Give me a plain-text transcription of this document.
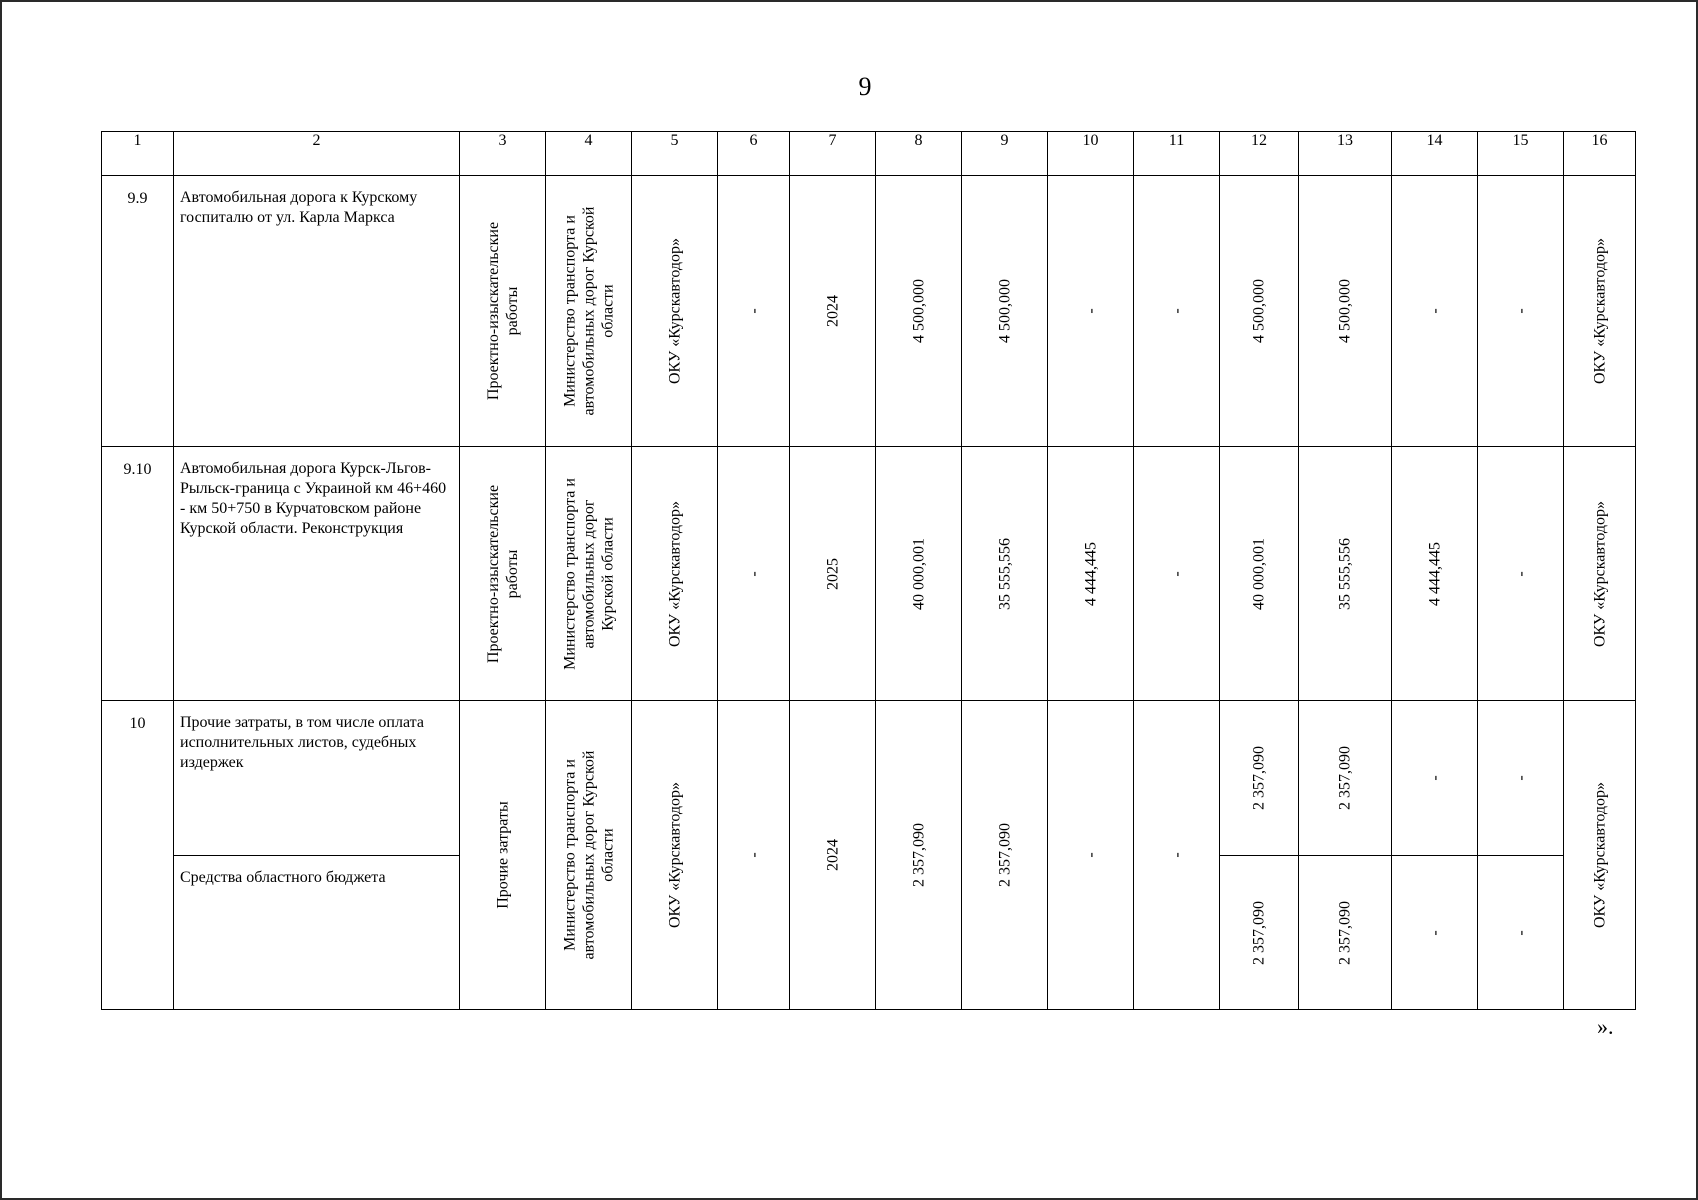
9
1	2	3	4	5	6	7	8	9	10	11	12	13	14	15	16
9.9	Автомобильная дорога к Курскому госпиталю от ул. Карла Маркса	Проектно-изыскательские работы	Министерство транспорта и автомобильных дорог Курской области	ОКУ «Курскавтодор»	-	2024	4 500,000	4 500,000	-	-	4 500,000	4 500,000	-	-	ОКУ «Курскавтодор»

9.10	Автомобильная дорога Курск-Льгов-Рыльск-граница с Украиной км 46+460 - км 50+750 в Курчатовском районе Курской области. Реконструкция	Проектно-изыскательские работы	Министерство транспорта и автомобильных дорог Курской области	ОКУ «Курскавтодор»	-	2025	40 000,001	35 555,556	4 444,445	-	40 000,001	35 555,556	4 444,445	-	ОКУ «Курскавтодор»

10	Прочие затраты, в том числе оплата исполнительных листов, судебных издержек	Прочие затраты	Министерство транспорта и автомобильных дорог Курской области	ОКУ «Курскавтодор»	-	2024	2 357,090	2 357,090	-	-	2 357,090	2 357,090	-	-	ОКУ «Курскавтодор»

	Средства областного бюджета										2 357,090	2 357,090	-	-	
».
